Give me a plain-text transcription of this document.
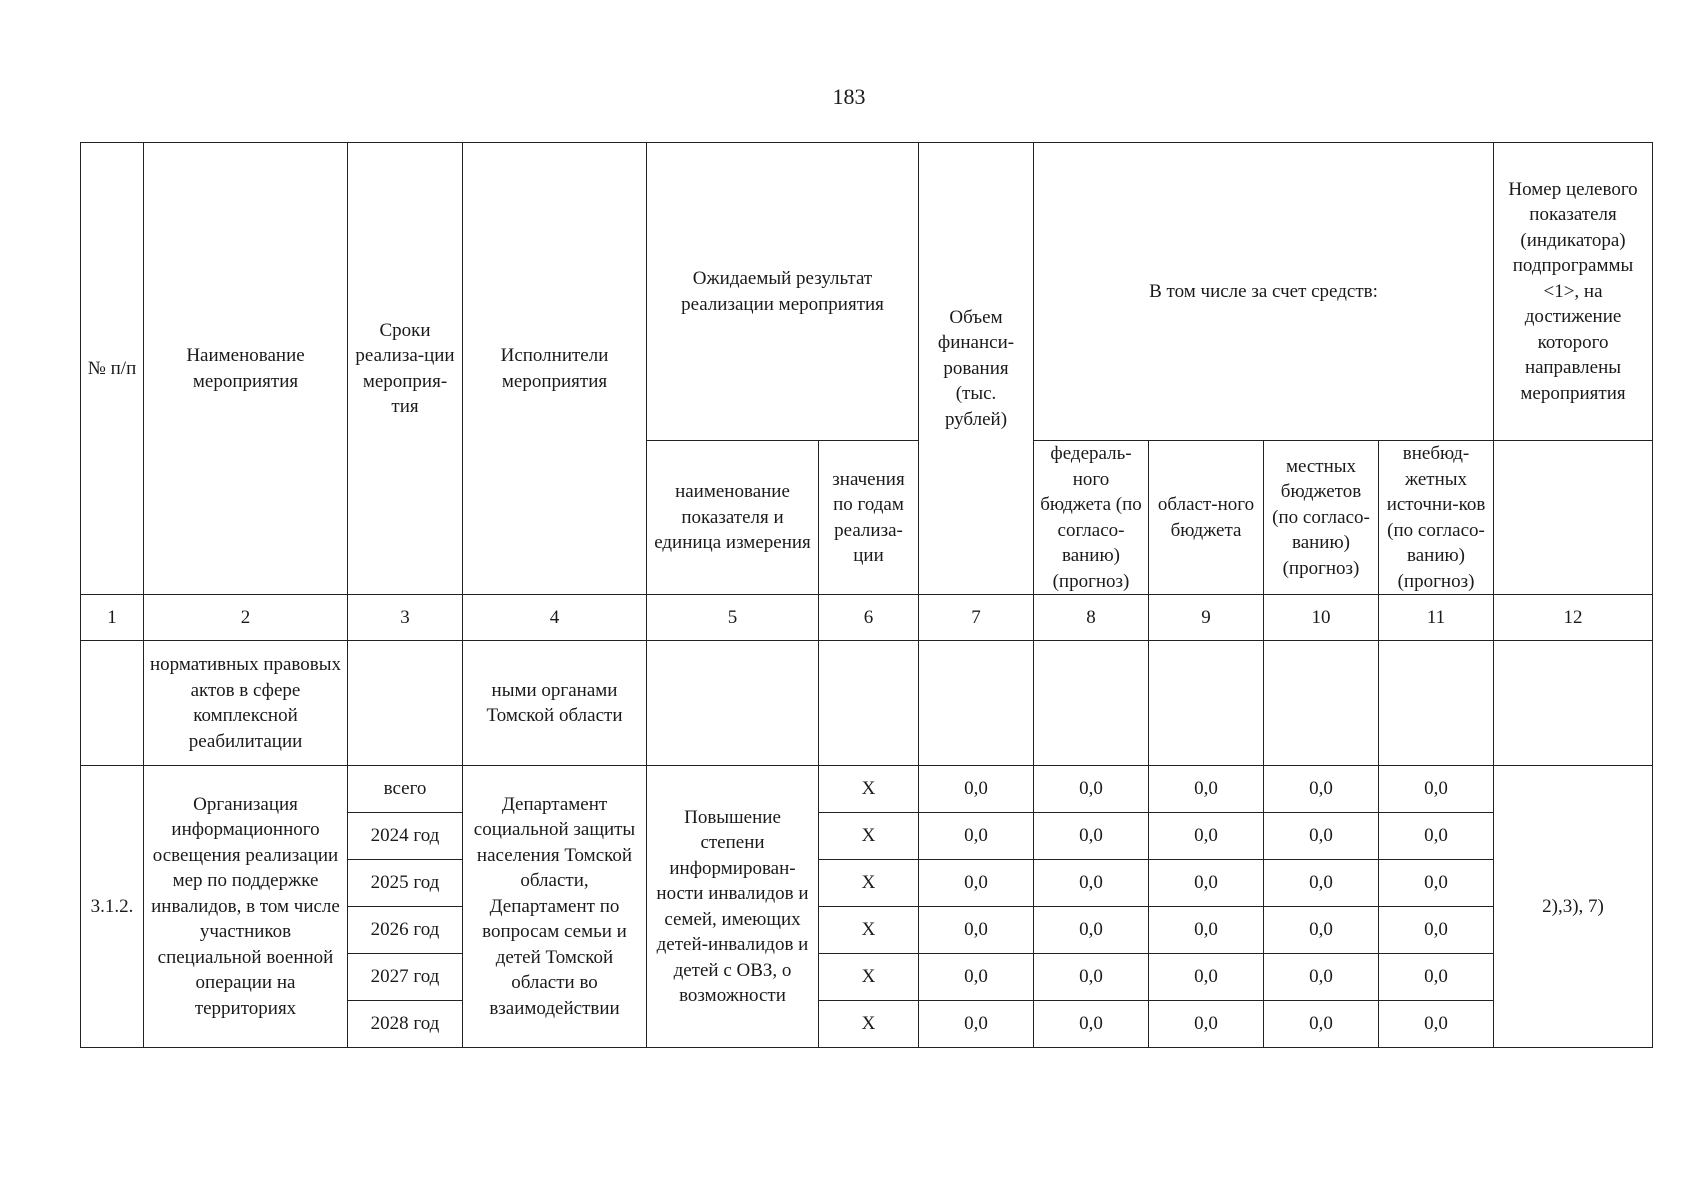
183
№ п/п	Наименование мероприятия	Сроки реализа-ции мероприя-тия	Исполнители мероприятия	Ожидаемый результат реализации мероприятия		Объем финанси-рования (тыс. рублей)	В том числе за счет средств:				Номер целевого показателя (индикатора) подпрограммы <1>, на достижение которого направлены мероприятия
							федераль-ного бюджета (по согласо-ванию) (прогноз)	област-ного бюджета	местных бюджетов (по согласо-ванию) (прогноз)	внебюд-жетных источни-ков (по согласо-ванию) (прогноз)	
				наименование показателя и единица измерения	значения по годам реализа-ции						
1	2	3	4	5	6	7	8	9	10	11	12
	нормативных правовых актов в сфере комплексной реабилитации		ными органами Томской области								
3.1.2.	Организация информационного освещения реализации мер по поддержке инвалидов, в том числе участников специальной военной операции на территориях	всего	Департамент социальной защиты населения Томской области, Департамент по вопросам семьи и детей Томской области во взаимодействии	Повышение степени информирован-ности инвалидов и семей, имеющих детей-инвалидов и детей с ОВЗ, о возможности	X	0,0	0,0	0,0	0,0	0,0	2),3), 7)
		2024 год			X	0,0	0,0	0,0	0,0	0,0	
		2025 год			X	0,0	0,0	0,0	0,0	0,0	
		2026 год			X	0,0	0,0	0,0	0,0	0,0	
		2027 год			X	0,0	0,0	0,0	0,0	0,0	
		2028 год			X	0,0	0,0	0,0	0,0	0,0	
